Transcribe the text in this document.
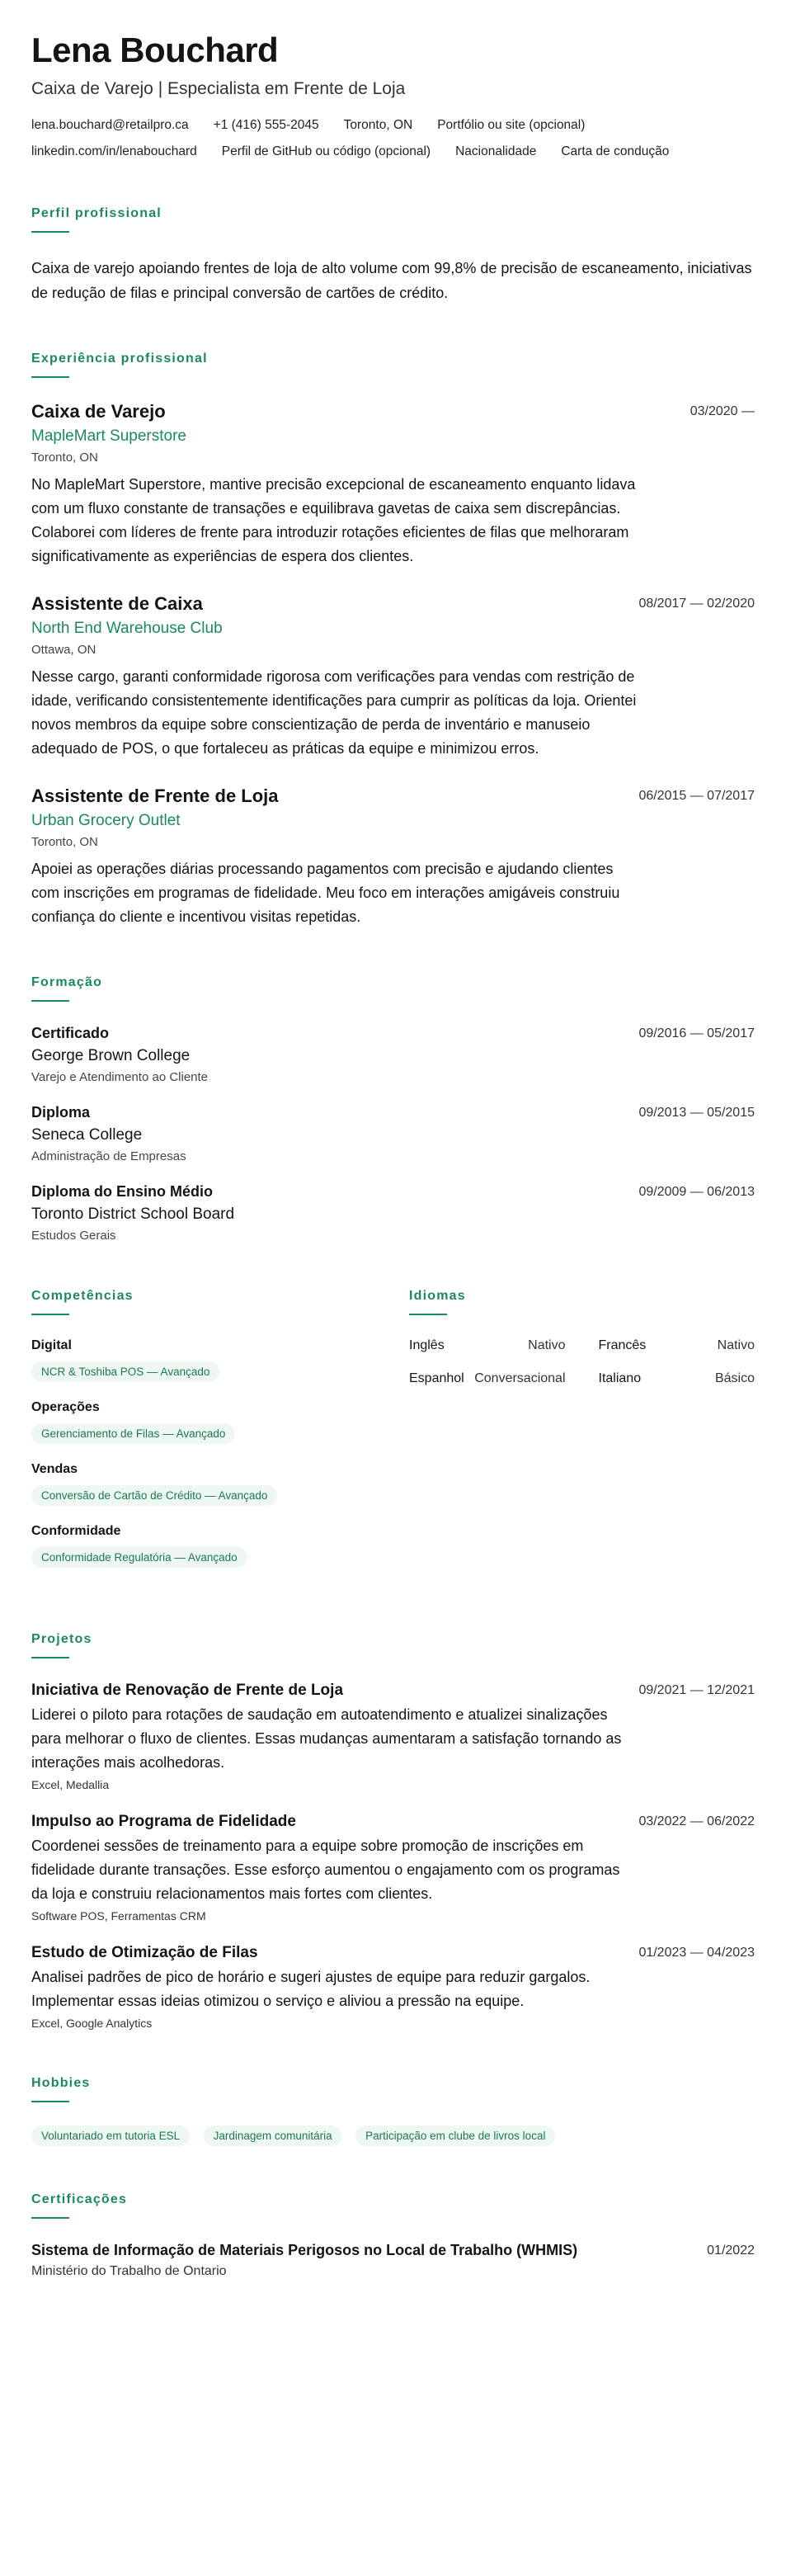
Lena Bouchard
Caixa de Varejo | Especialista em Frente de Loja
lena.bouchard@retailpro.ca +1 (416) 555-2045 Toronto, ON Portfólio ou site (opcional)
linkedin.com/in/lenabouchard Perfil de GitHub ou código (opcional) Nacionalidade Carta de condução
Perfil profissional
Caixa de varejo apoiando frentes de loja de alto volume com 99,8% de precisão de escaneamento, iniciativas de redução de filas e principal conversão de cartões de crédito.
Experiência profissional
Caixa de Varejo
MapleMart Superstore
Toronto, ON
03/2020 —
No MapleMart Superstore, mantive precisão excepcional de escaneamento enquanto lidava com um fluxo constante de transações e equilibrava gavetas de caixa sem discrepâncias. Colaborei com líderes de frente para introduzir rotações eficientes de filas que melhoraram significativamente as experiências de espera dos clientes.
Assistente de Caixa
North End Warehouse Club
Ottawa, ON
08/2017 — 02/2020
Nesse cargo, garanti conformidade rigorosa com verificações para vendas com restrição de idade, verificando consistentemente identificações para cumprir as políticas da loja. Orientei novos membros da equipe sobre conscientização de perda de inventário e manuseio adequado de POS, o que fortaleceu as práticas da equipe e minimizou erros.
Assistente de Frente de Loja
Urban Grocery Outlet
Toronto, ON
06/2015 — 07/2017
Apoiei as operações diárias processando pagamentos com precisão e ajudando clientes com inscrições em programas de fidelidade. Meu foco em interações amigáveis construiu confiança do cliente e incentivou visitas repetidas.
Formação
Certificado
George Brown College
Varejo e Atendimento ao Cliente
09/2016 — 05/2017
Diploma
Seneca College
Administração de Empresas
09/2013 — 05/2015
Diploma do Ensino Médio
Toronto District School Board
Estudos Gerais
09/2009 — 06/2013
Competências
Digital
NCR & Toshiba POS — Avançado
Operações
Gerenciamento de Filas — Avançado
Vendas
Conversão de Cartão de Crédito — Avançado
Conformidade
Conformidade Regulatória — Avançado
Idiomas
Inglês	Nativo	Francês	Nativo
Espanhol Conversacional	Italiano	Básico
Projetos
Iniciativa de Renovação de Frente de Loja	09/2021 — 12/2021
Liderei o piloto para rotações de saudação em autoatendimento e atualizei sinalizações para melhorar o fluxo de clientes. Essas mudanças aumentaram a satisfação tornando as interações mais acolhedoras.
Excel, Medallia
Impulso ao Programa de Fidelidade	03/2022 — 06/2022
Coordenei sessões de treinamento para a equipe sobre promoção de inscrições em fidelidade durante transações. Esse esforço aumentou o engajamento com os programas da loja e construiu relacionamentos mais fortes com clientes.
Software POS, Ferramentas CRM
Estudo de Otimização de Filas	01/2023 — 04/2023
Analisei padrões de pico de horário e sugeri ajustes de equipe para reduzir gargalos. Implementar essas ideias otimizou o serviço e aliviou a pressão na equipe.
Excel, Google Analytics
Hobbies
Voluntariado em tutoria ESL	Jardinagem comunitária	Participação em clube de livros local
Certificações
Sistema de Informação de Materiais Perigosos no Local de Trabalho (WHMIS)
Ministério do Trabalho de Ontario
01/2022
